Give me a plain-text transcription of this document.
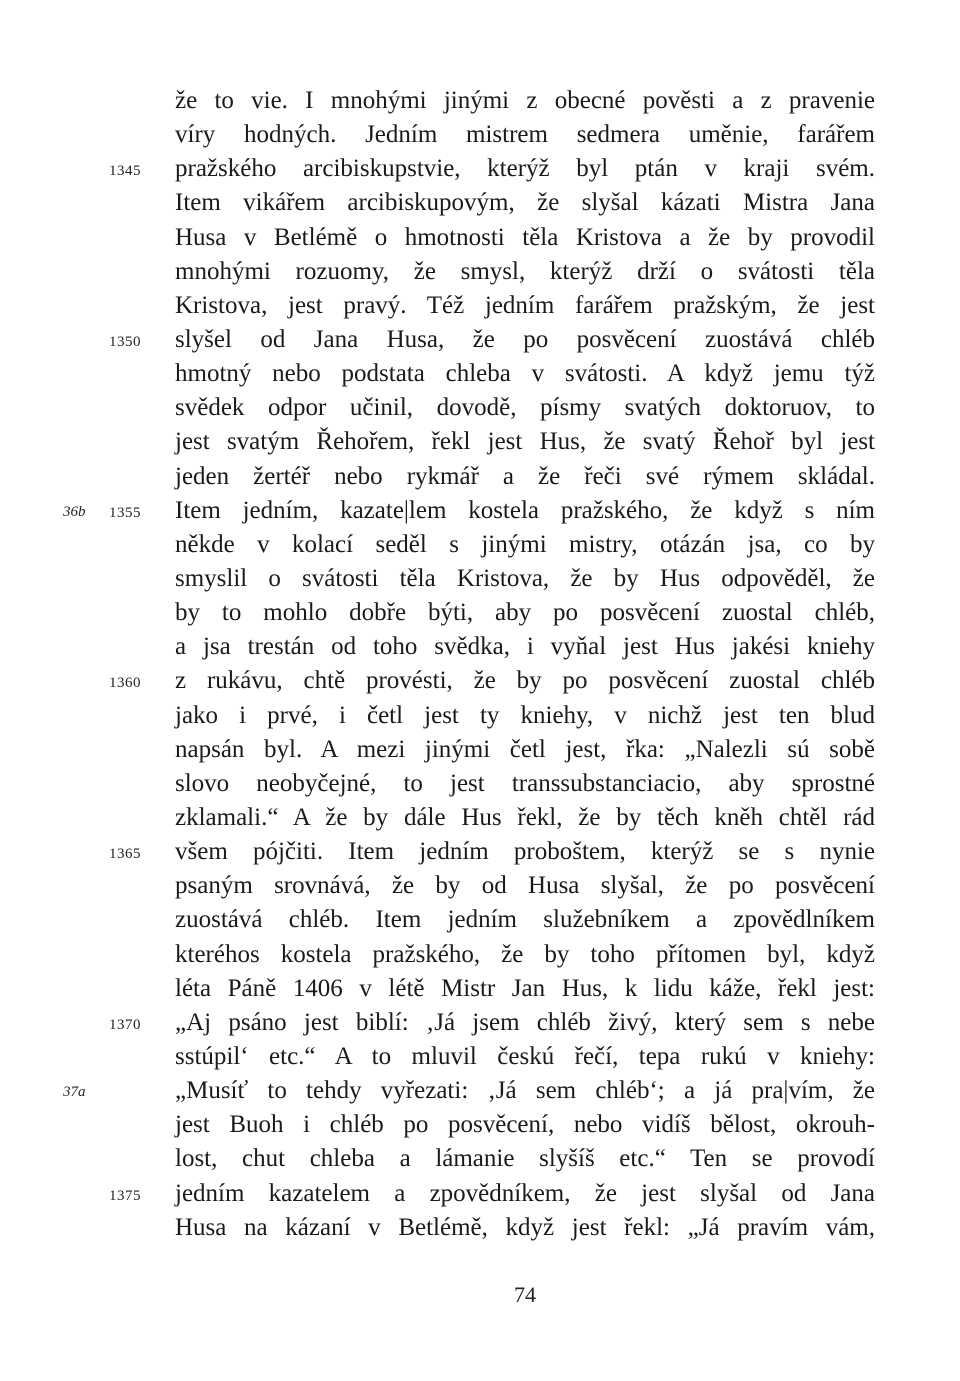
že to vie. I mnohými jinými z obecné pověsti a z pravenie
víry hodných. Jedním mistrem sedmera uměnie, farářem
pražského arcibiskupstvie, kterýž byl ptán v kraji svém.
1345
Item vikářem arcibiskupovým, že slyšal kázati Mistra Jana
Husa v Betlémě o hmotnosti těla Kristova a že by provodil
mnohými rozuomy, že smysl, kterýž drží o svátosti těla
Kristova, jest pravý. Též jedním farářem pražským, že jest
slyšel od Jana Husa, že po posvěcení zuostává chléb
1350
hmotný nebo podstata chleba v svátosti. A když jemu týž
svědek odpor učinil, dovodě, písmy svatých doktoruov, to
jest svatým Řehořem, řekl jest Hus, že svatý Řehoř byl jest
jeden žertéř nebo rykmář a že řeči své rýmem skládal.
Item jedním, kazate|lem kostela pražského, že když s ním
1355
36b
někde v kolací seděl s jinými mistry, otázán jsa, co by
smyslil o svátosti těla Kristova, že by Hus odpověděl, že
by to mohlo dobře býti, aby po posvěcení zuostal chléb,
a jsa trestán od toho svědka, i vyňal jest Hus jakési kniehy
z rukávu, chtě provésti, že by po posvěcení zuostal chléb
1360
jako i prvé, i četl jest ty kniehy, v nichž jest ten blud
napsán byl. A mezi jinými četl jest, řka: „Nalezli sú sobě
slovo neobyčejné, to jest transsubstanciacio, aby sprostné
zklamali.“ A že by dále Hus řekl, že by těch kněh chtěl rád
všem pójčiti. Item jedním proboštem, kterýž se s nynie
1365
psaným srovnává, že by od Husa slyšal, že po posvěcení
zuostává chléb. Item jedním služebníkem a zpovědlníkem
kteréhos kostela pražského, že by toho přítomen byl, když
léta Páně 1406 v létě Mistr Jan Hus, k lidu káže, řekl jest:
„Aj psáno jest biblí: ‚Já jsem chléb živý, který sem s nebe
1370
sstúpil‘ etc.“ A to mluvil českú řečí, tepa rukú v kniehy:
„Musíť to tehdy vyřezati: ‚Já sem chléb‘; a já pra|vím, že
37a
jest Buoh i chléb po posvěcení, nebo vidíš bělost, okrouh-
lost, chut chleba a lámanie slyšíš etc.“ Ten se provodí
jedním kazatelem a zpovědníkem, že jest slyšal od Jana
1375
Husa na kázaní v Betlémě, když jest řekl: „Já pravím vám,
74
